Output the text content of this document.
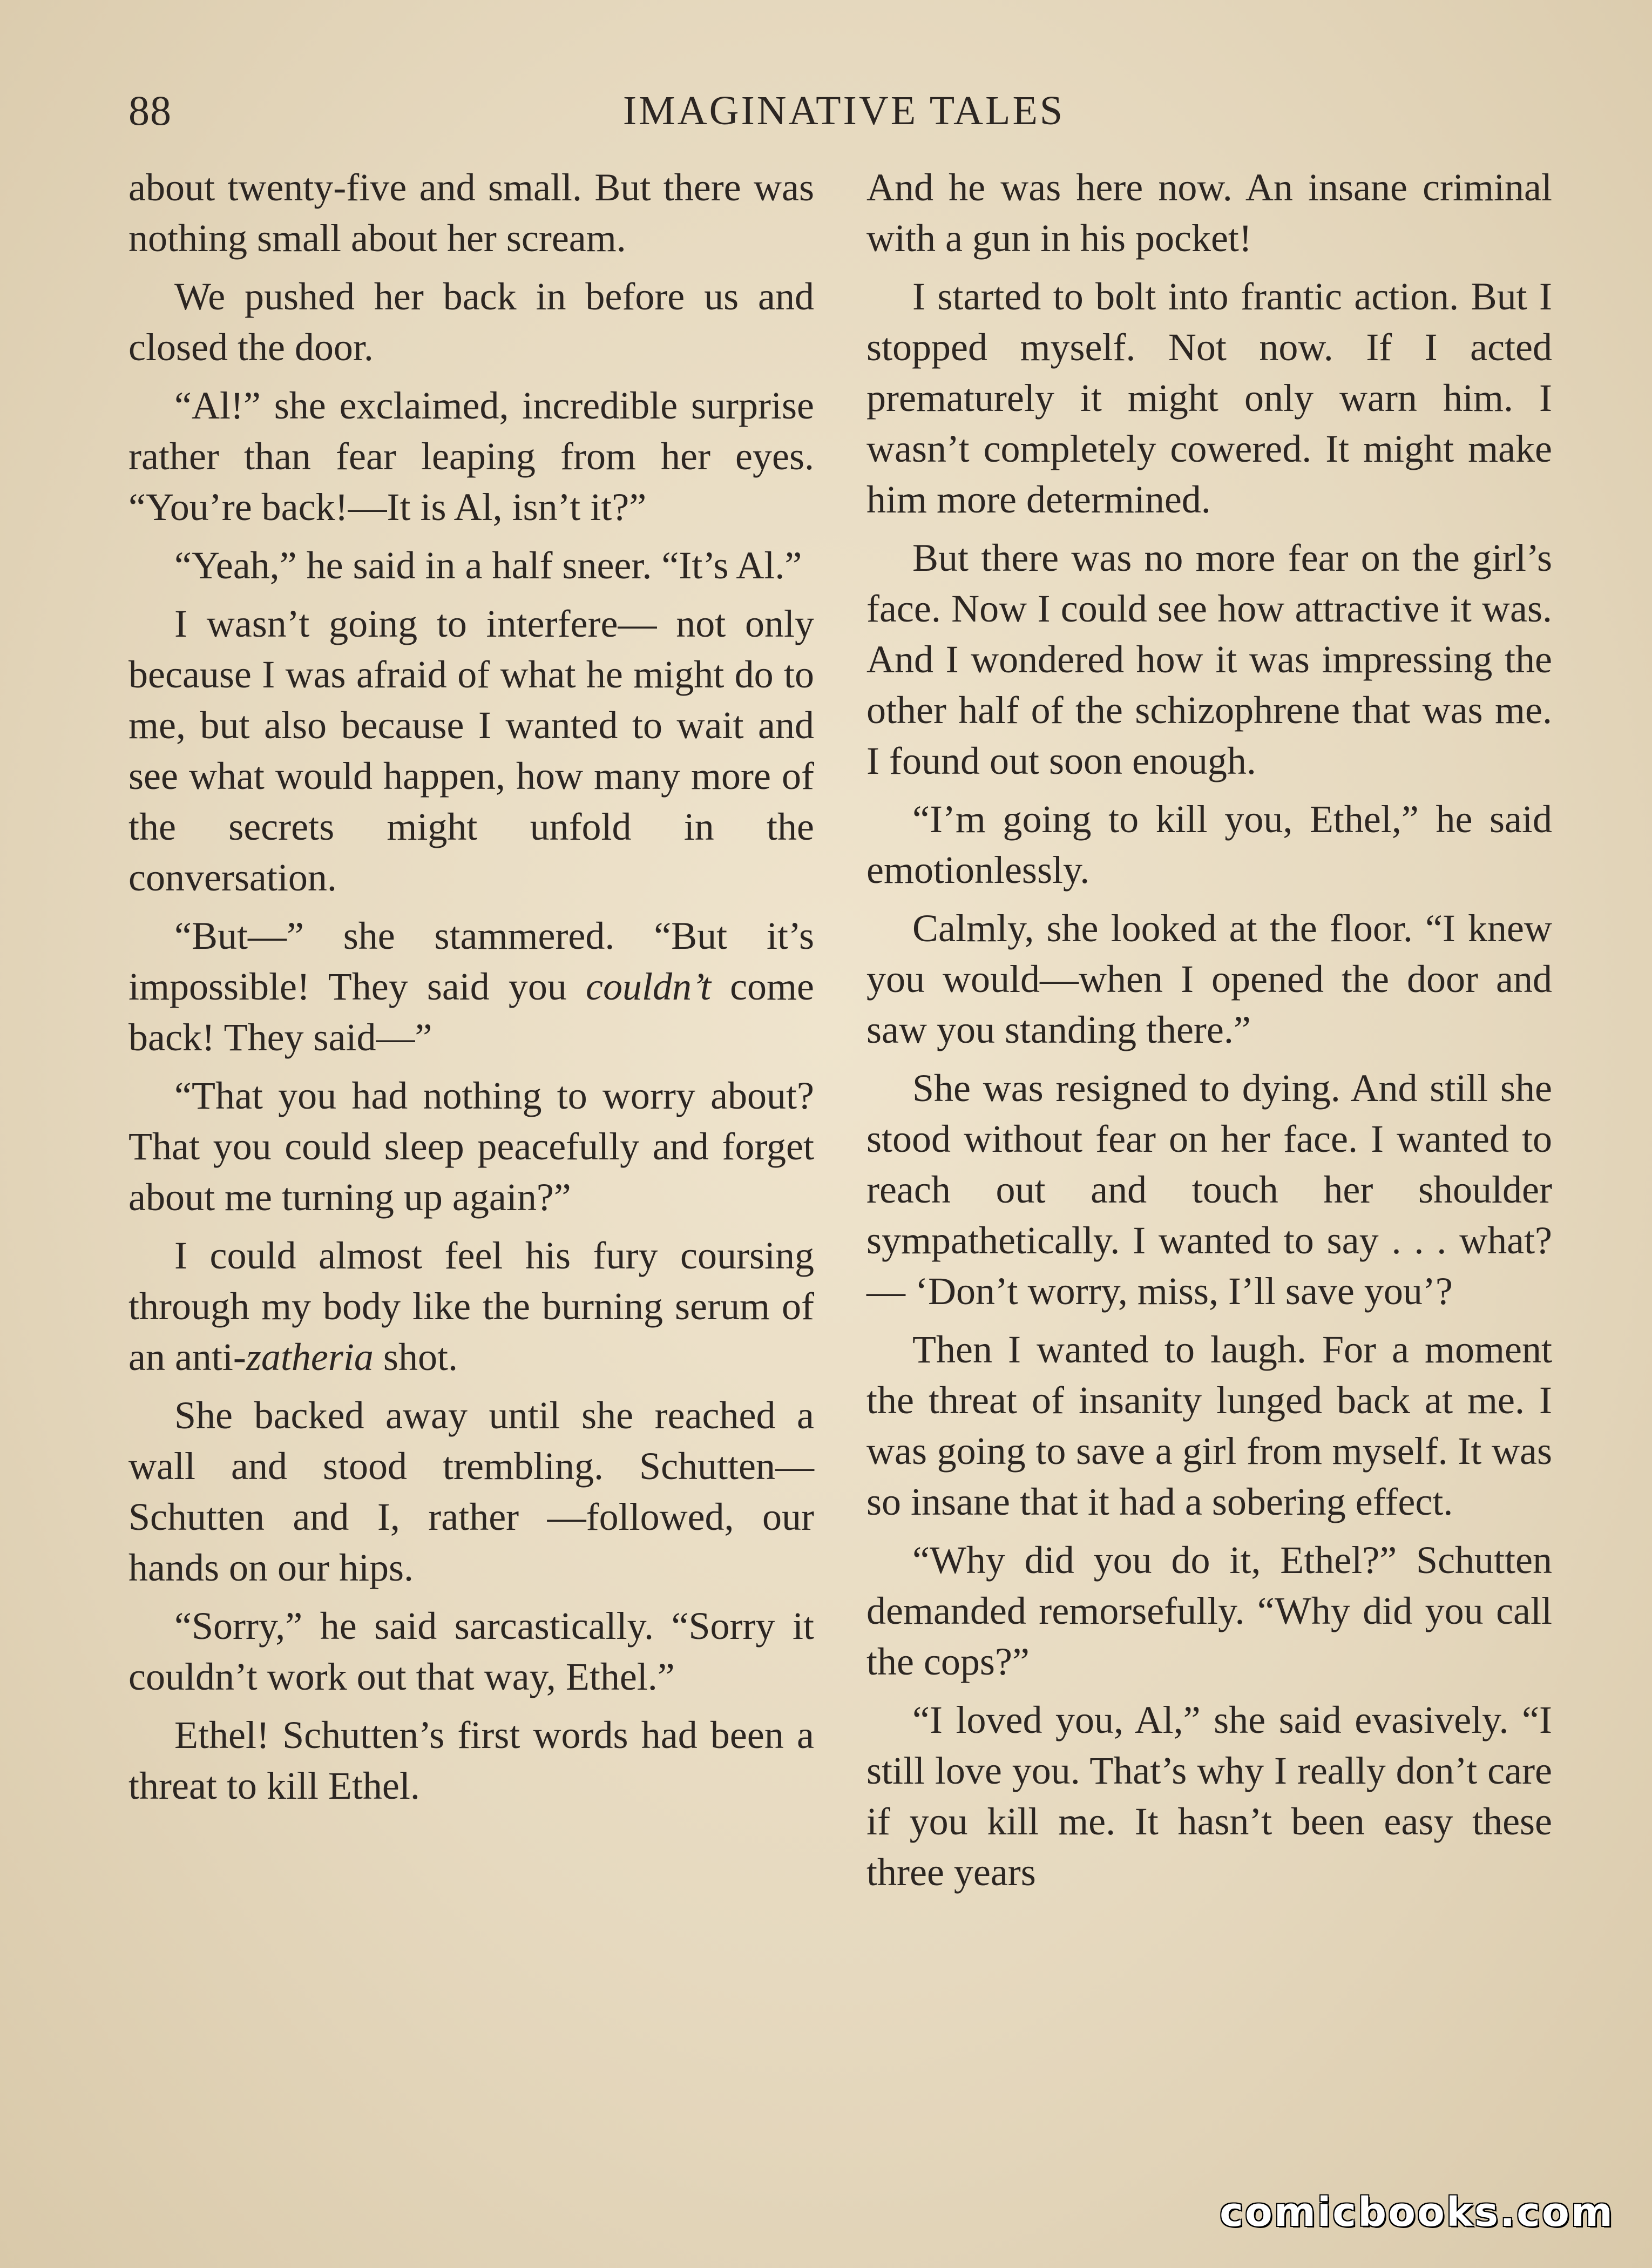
IMAGINATIVE TALES
88

about twenty-five and small. But there was nothing small about her scream.

We pushed her back in before us and closed the door.

“Al!” she exclaimed, incredible surprise rather than fear leaping from her eyes. “You’re back!—It is Al, isn’t it?”

“Yeah,” he said in a half sneer. “It’s Al.”

I wasn’t going to interfere— not only because I was afraid of what he might do to me, but also because I wanted to wait and see what would happen, how many more of the secrets might unfold in the conversation.

“But—” she stammered. “But it’s impossible! They said you couldn’t come back! They said—”

“That you had nothing to worry about? That you could sleep peacefully and forget about me turning up again?”

I could almost feel his fury coursing through my body like the burning serum of an anti-zatheria shot.

She backed away until she reached a wall and stood trembling. Schutten—Schutten and I, rather —followed, our hands on our hips.

“Sorry,” he said sarcastically. “Sorry it couldn’t work out that way, Ethel.”

Ethel! Schutten’s first words had been a threat to kill Ethel.

And he was here now. An insane criminal with a gun in his pocket!

I started to bolt into frantic action. But I stopped myself. Not now. If I acted prematurely it might only warn him. I wasn’t completely cowered. It might make him more determined.

But there was no more fear on the girl’s face. Now I could see how attractive it was. And I wondered how it was impressing the other half of the schizophrene that was me. I found out soon enough.

“I’m going to kill you, Ethel,” he said emotionlessly.

Calmly, she looked at the floor. “I knew you would—when I opened the door and saw you standing there.”

She was resigned to dying. And still she stood without fear on her face. I wanted to reach out and touch her shoulder sympathetically. I wanted to say . . . what?— ‘Don’t worry, miss, I’ll save you’?

Then I wanted to laugh. For a moment the threat of insanity lunged back at me. I was going to save a girl from myself. It was so insane that it had a sobering effect.

“Why did you do it, Ethel?” Schutten demanded remorsefully. “Why did you call the cops?”

“I loved you, Al,” she said evasively. “I still love you. That’s why I really don’t care if you kill me. It hasn’t been easy these three years

comicbooks.com
